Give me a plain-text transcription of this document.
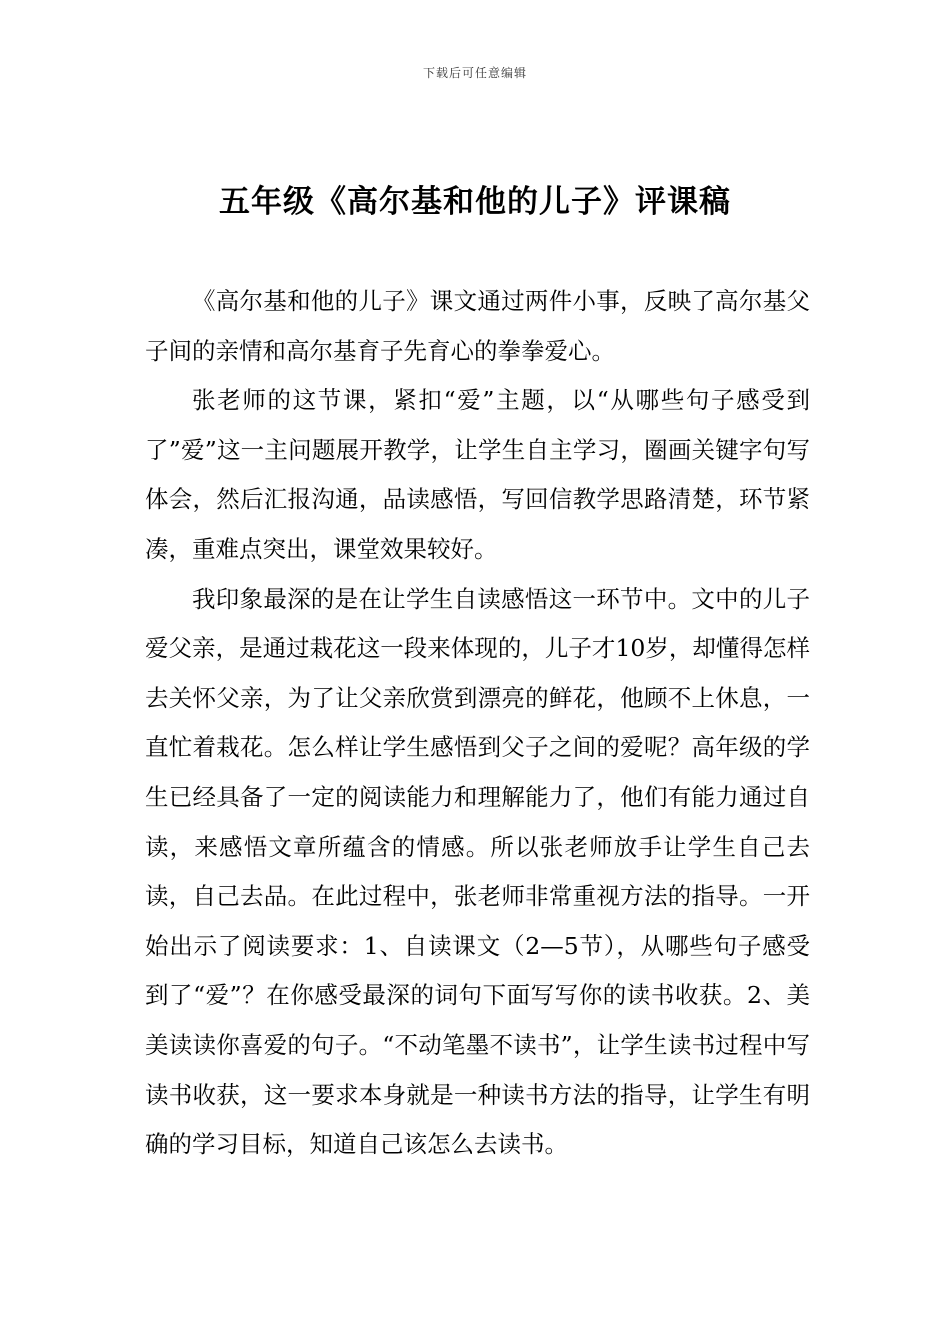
下载后可任意编辑
五年级《高尔基和他的儿子》评课稿

《高尔基和他的儿子》课文通过两件小事，反映了高尔基父子间的亲情和高尔基育子先育心的拳拳爱心。

张老师的这节课，紧扣“爱”主题，以“从哪些句子感受到了”爱”这一主问题展开教学，让学生自主学习，圈画关键字句写体会，然后汇报沟通，品读感悟，写回信教学思路清楚，环节紧凑，重难点突出，课堂效果较好。

我印象最深的是在让学生自读感悟这一环节中。文中的儿子爱父亲，是通过栽花这一段来体现的，儿子才10岁，却懂得怎样去关怀父亲，为了让父亲欣赏到漂亮的鲜花，他顾不上休息，一直忙着栽花。怎么样让学生感悟到父子之间的爱呢？高年级的学生已经具备了一定的阅读能力和理解能力了，他们有能力通过自读，来感悟文章所蕴含的情感。所以张老师放手让学生自己去读，自己去品。在此过程中，张老师非常重视方法的指导。一开始出示了阅读要求：1、自读课文（2—5节），从哪些句子感受到了“爱”？在你感受最深的词句下面写写你的读书收获。2、美美读读你喜爱的句子。“不动笔墨不读书”，让学生读书过程中写读书收获，这一要求本身就是一种读书方法的指导，让学生有明确的学习目标，知道自己该怎么去读书。
